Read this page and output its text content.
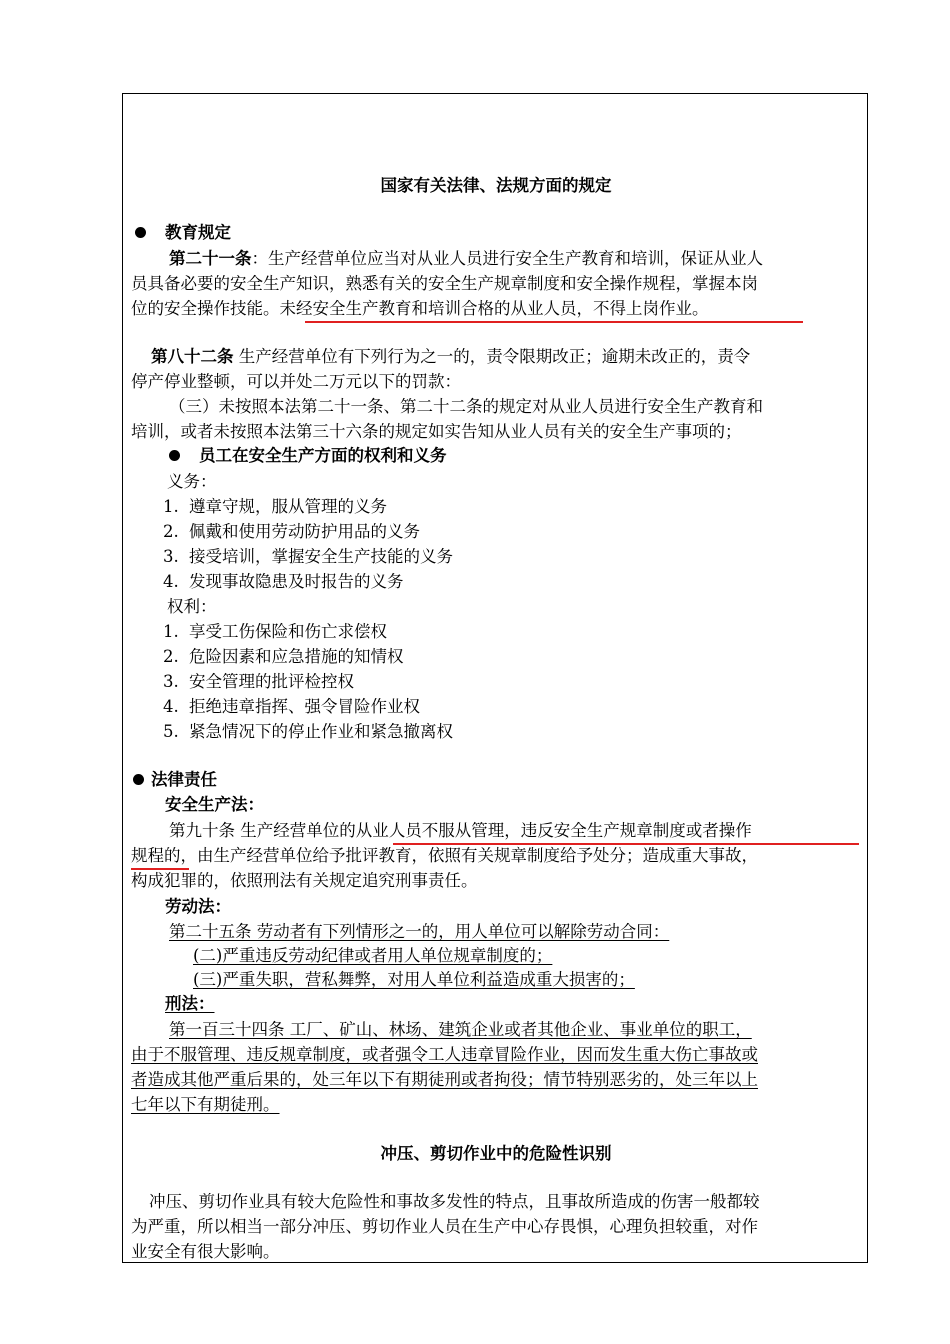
国家有关法律、法规方面的规定
教育规定
第二十一条：生产经营单位应当对从业人员进行安全生产教育和培训，保证从业人
员具备必要的安全生产知识，熟悉有关的安全生产规章制度和安全操作规程，掌握本岗
位的安全操作技能。未经安全生产教育和培训合格的从业人员，不得上岗作业。
第八十二条 生产经营单位有下列行为之一的，责令限期改正；逾期未改正的，责令
停产停业整顿，可以并处二万元以下的罚款：
（三）未按照本法第二十一条、第二十二条的规定对从业人员进行安全生产教育和
培训，或者未按照本法第三十六条的规定如实告知从业人员有关的安全生产事项的；
员工在安全生产方面的权利和义务
义务：
1. 遵章守规，服从管理的义务
2. 佩戴和使用劳动防护用品的义务
3. 接受培训，掌握安全生产技能的义务
4. 发现事故隐患及时报告的义务
权利：
1. 享受工伤保险和伤亡求偿权
2. 危险因素和应急措施的知情权
3. 安全管理的批评检控权
4. 拒绝违章指挥、强令冒险作业权
5. 紧急情况下的停止作业和紧急撤离权
法律责任
安全生产法：
第九十条 生产经营单位的从业人员不服从管理，违反安全生产规章制度或者操作
规程的，由生产经营单位给予批评教育，依照有关规章制度给予处分；造成重大事故，
构成犯罪的，依照刑法有关规定追究刑事责任。
劳动法：
第二十五条 劳动者有下列情形之一的，用人单位可以解除劳动合同：
(二)严重违反劳动纪律或者用人单位规章制度的；
(三)严重失职，营私舞弊，对用人单位利益造成重大损害的；
刑法：
第一百三十四条 工厂、矿山、林场、建筑企业或者其他企业、事业单位的职工，
由于不服管理、违反规章制度，或者强令工人违章冒险作业，因而发生重大伤亡事故或
者造成其他严重后果的，处三年以下有期徒刑或者拘役；情节特别恶劣的，处三年以上
七年以下有期徒刑。
冲压、剪切作业中的危险性识别
冲压、剪切作业具有较大危险性和事故多发性的特点，且事故所造成的伤害一般都较
为严重，所以相当一部分冲压、剪切作业人员在生产中心存畏惧，心理负担较重，对作
业安全有很大影响。
